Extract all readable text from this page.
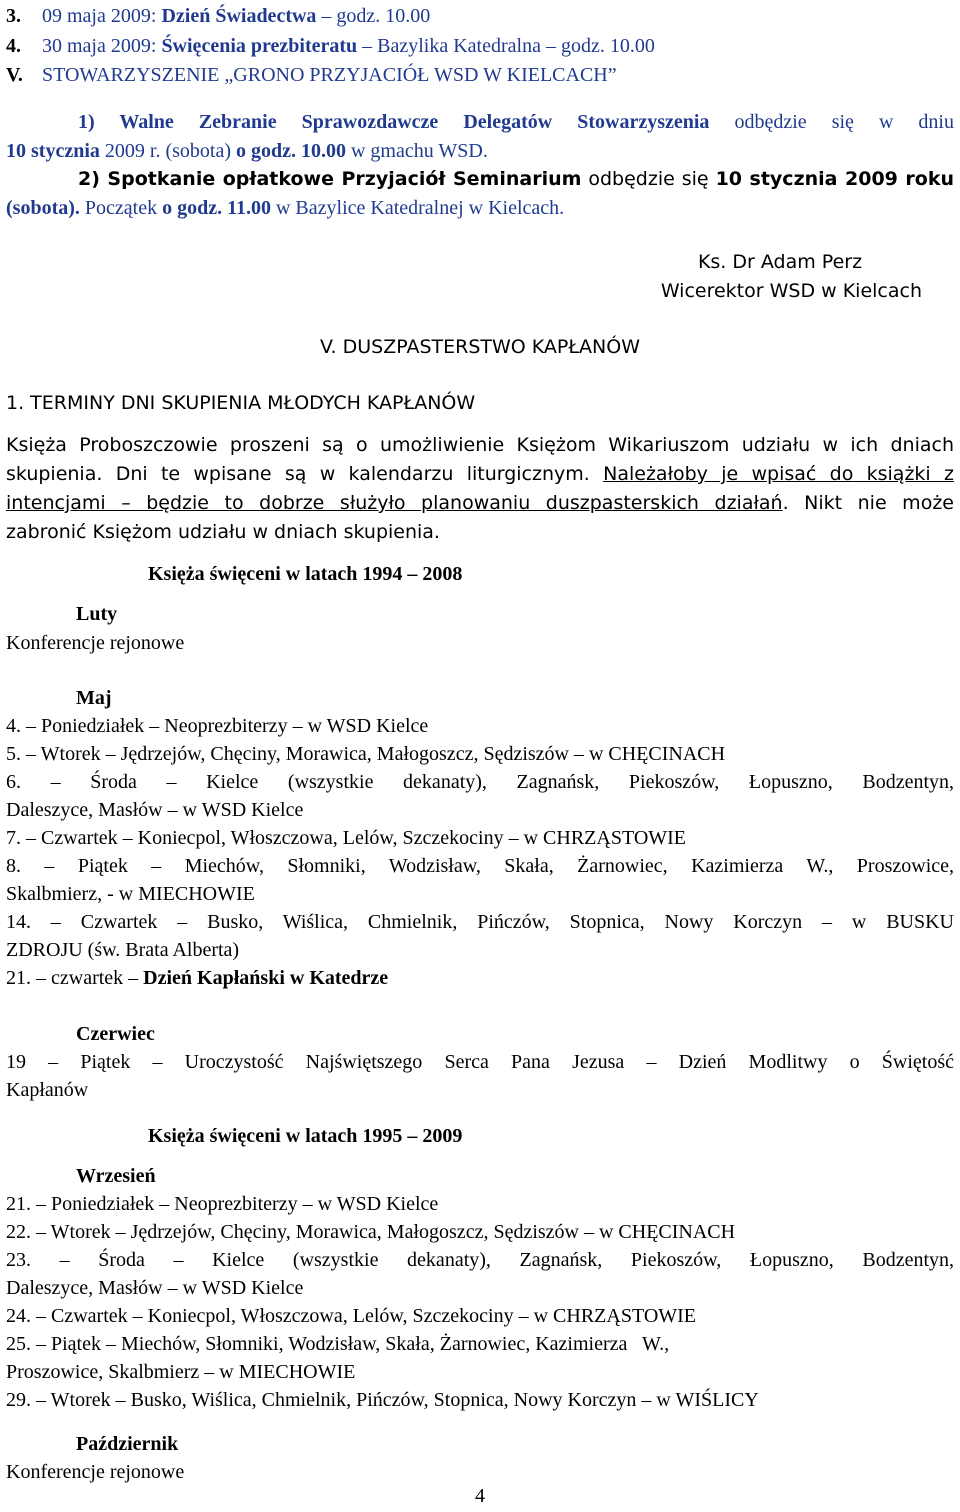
3. 09 maja 2009: Dzień Świadectwa – godz. 10.00
4. 30 maja 2009: Święcenia prezbiteratu – Bazylika Katedralna – godz. 10.00
V. STOWARZYSZENIE „GRONO PRZYJACIÓŁ WSD W KIELCACH”
1) Walne Zebranie Sprawozdawcze Delegatów Stowarzyszenia odbędzie się w dniu
10 stycznia 2009 r. (sobota) o godz. 10.00 w gmachu WSD.
2) Spotkanie opłatkowe Przyjaciół Seminarium odbędzie się 10 stycznia 2009 roku
(sobota). Początek o godz. 11.00 w Bazylice Katedralnej w Kielcach.
Ks. Dr Adam Perz
Wicerektor WSD w Kielcach
V. DUSZPASTERSTWO KAPŁANÓW
1. TERMINY DNI SKUPIENIA MŁODYCH KAPŁANÓW
Księża Proboszczowie proszeni są o umożliwienie Księżom Wikariuszom udziału w ich dniach
skupienia. Dni te wpisane są w kalendarzu liturgicznym. Należałoby je wpisać do książki z
intencjami – będzie to dobrze służyło planowaniu duszpasterskich działań. Nikt nie może
zabronić Księżom udziału w dniach skupienia.
Księża święceni w latach 1994 – 2008
Luty
Konferencje rejonowe
Maj
4. – Poniedziałek – Neoprezbiterzy – w WSD Kielce
5. – Wtorek – Jędrzejów, Chęciny, Morawica, Małogoszcz, Sędziszów – w CHĘCINACH
6. – Środa – Kielce (wszystkie dekanaty), Zagnańsk, Piekoszów, Łopuszno, Bodzentyn,
Daleszyce, Masłów – w WSD Kielce
7. – Czwartek – Koniecpol, Włoszczowa, Lelów, Szczekociny – w CHRZĄSTOWIE
8. – Piątek – Miechów, Słomniki, Wodzisław, Skała, Żarnowiec, Kazimierza W., Proszowice,
Skalbmierz, - w MIECHOWIE
14. – Czwartek – Busko, Wiślica, Chmielnik, Pińczów, Stopnica, Nowy Korczyn – w BUSKU
ZDROJU (św. Brata Alberta)
21. – czwartek – Dzień Kapłański w Katedrze
Czerwiec
19 – Piątek – Uroczystość Najświętszego Serca Pana Jezusa – Dzień Modlitwy o Świętość
Kapłanów
Księża święceni w latach 1995 – 2009
Wrzesień
21. – Poniedziałek – Neoprezbiterzy – w WSD Kielce
22. – Wtorek – Jędrzejów, Chęciny, Morawica, Małogoszcz, Sędziszów – w CHĘCINACH
23. – Środa – Kielce (wszystkie dekanaty), Zagnańsk, Piekoszów, Łopuszno, Bodzentyn,
Daleszyce, Masłów – w WSD Kielce
24. – Czwartek – Koniecpol, Włoszczowa, Lelów, Szczekociny – w CHRZĄSTOWIE
25. – Piątek – Miechów, Słomniki, Wodzisław, Skała, Żarnowiec, Kazimierza   W.,
Proszowice, Skalbmierz – w MIECHOWIE
29. – Wtorek – Busko, Wiślica, Chmielnik, Pińczów, Stopnica, Nowy Korczyn – w WIŚLICY
Październik
Konferencje rejonowe
4
